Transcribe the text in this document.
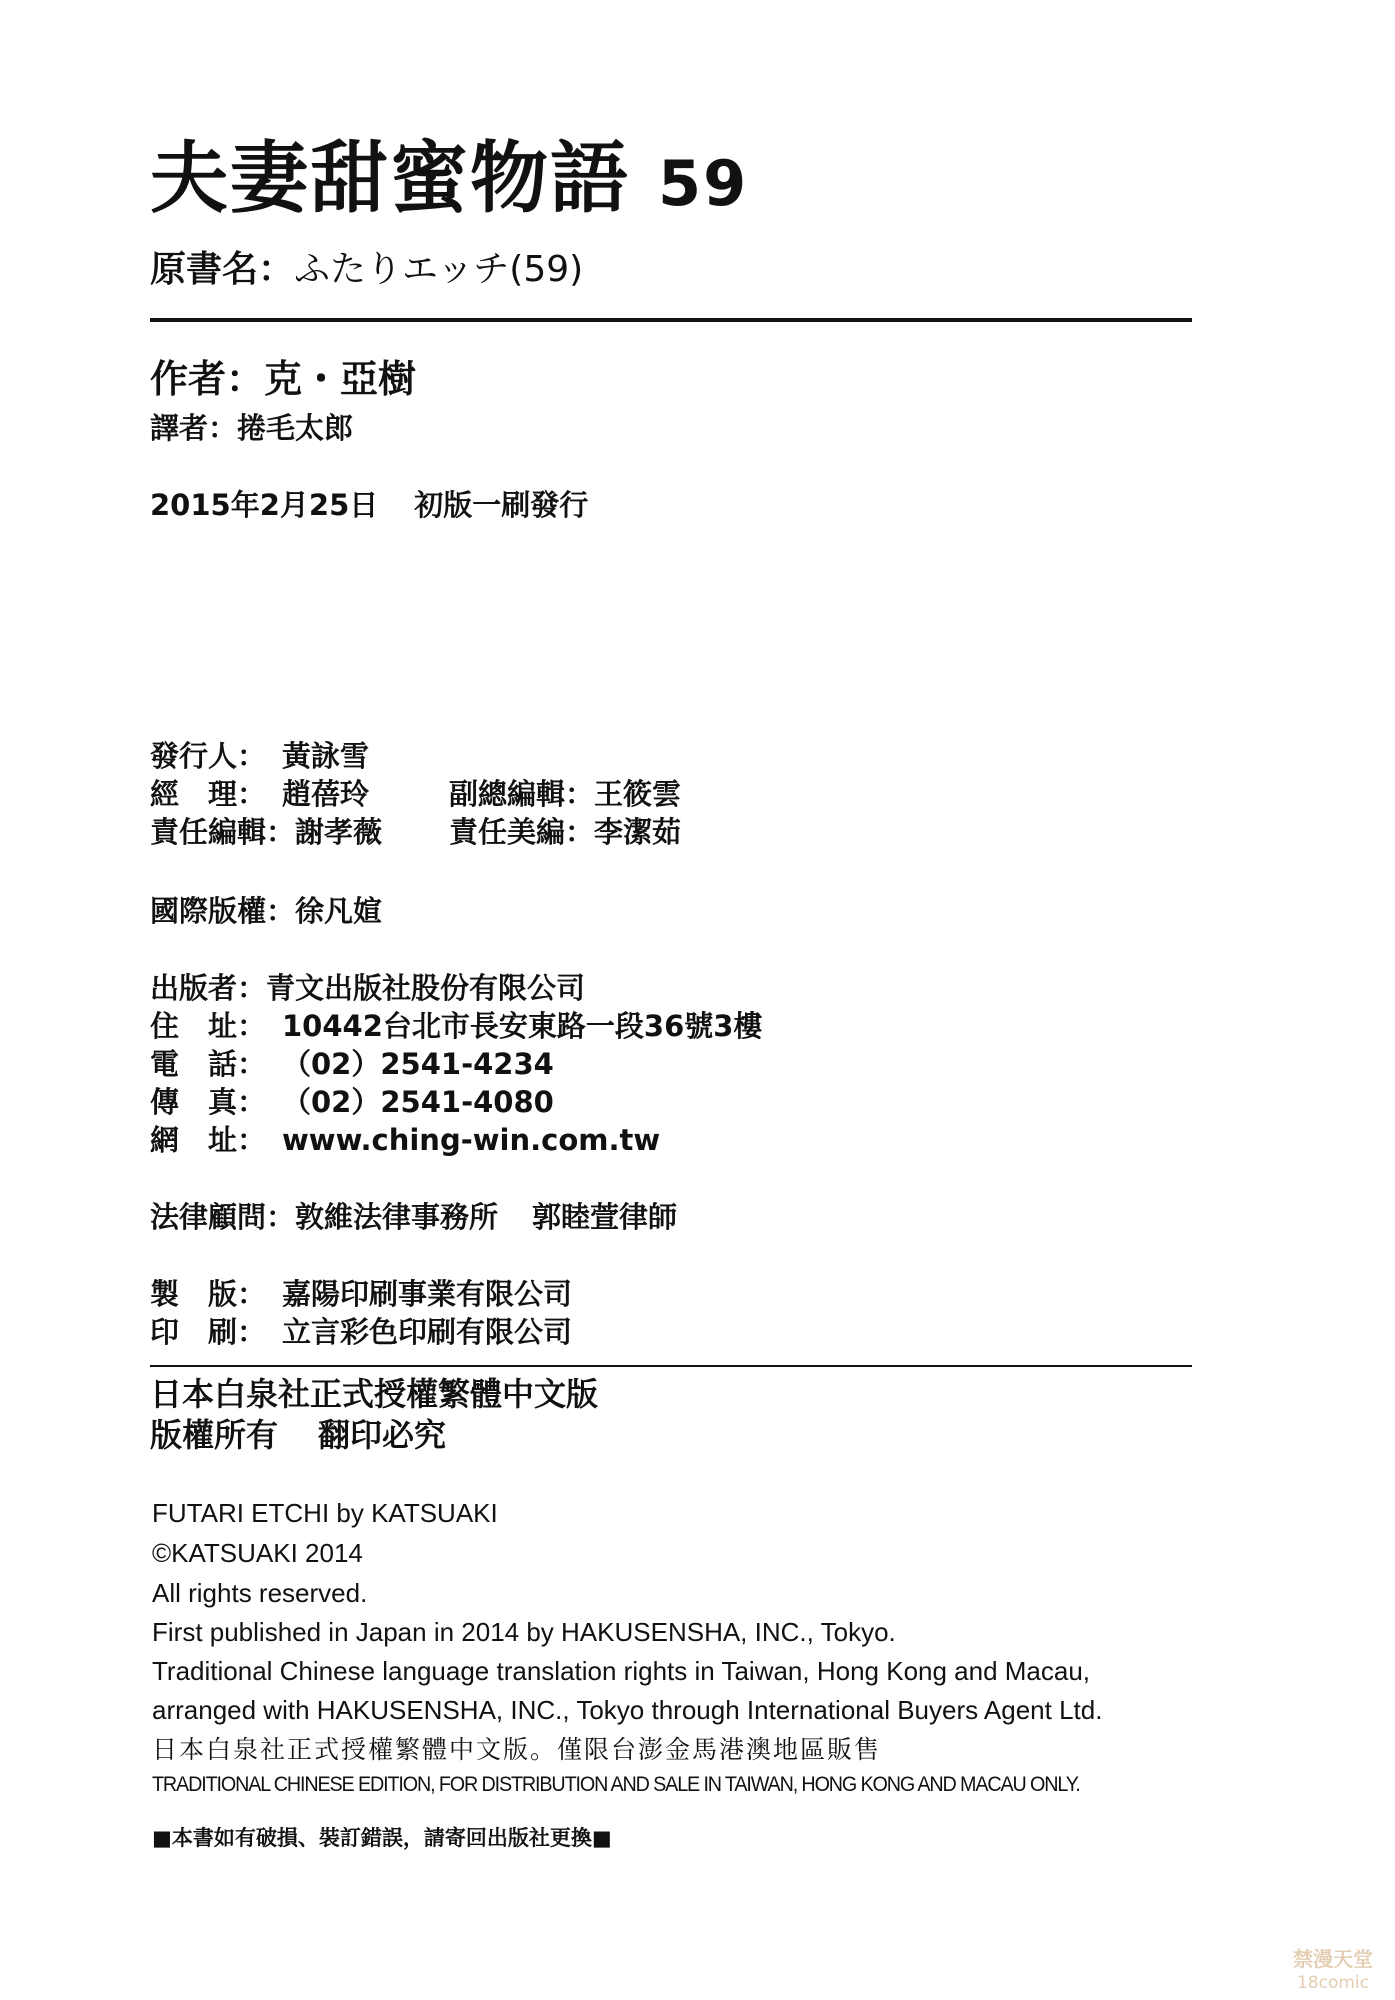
夫妻甜蜜物語 59
原書名：ふたりエッチ(59)
作者：克・亞樹
譯者：捲毛太郎
2015年2月25日 初版一刷發行
發行人： 黃詠雪
經　理： 趙蓓玲	副總編輯：王筱雲
責任編輯：謝孝薇 責任美編：李潔茹
國際版權：徐凡媗
出版者：青文出版社股份有限公司
住　址： 10442台北市長安東路一段36號3樓
電　話： （02）2541-4234
傳　真： （02）2541-4080
網　址： www.ching-win.com.tw
法律顧問：敦維法律事務所 郭睦萱律師
製　版： 嘉陽印刷事業有限公司
印　刷： 立言彩色印刷有限公司
日本白泉社正式授權繁體中文版
版權所有 翻印必究
FUTARI ETCHI by KATSUAKI
©KATSUAKI 2014
All rights reserved.
First published in Japan in 2014 by HAKUSENSHA, INC., Tokyo.
Traditional Chinese language translation rights in Taiwan, Hong Kong and Macau,
arranged with HAKUSENSHA, INC., Tokyo through International Buyers Agent Ltd.
日本白泉社正式授權繁體中文版。僅限台澎金馬港澳地區販售
TRADITIONAL CHINESE EDITION, FOR DISTRIBUTION AND SALE IN TAIWAN, HONG KONG AND MACAU ONLY.
■本書如有破損、裝訂錯誤，請寄回出版社更換■
禁漫天堂
18comic
